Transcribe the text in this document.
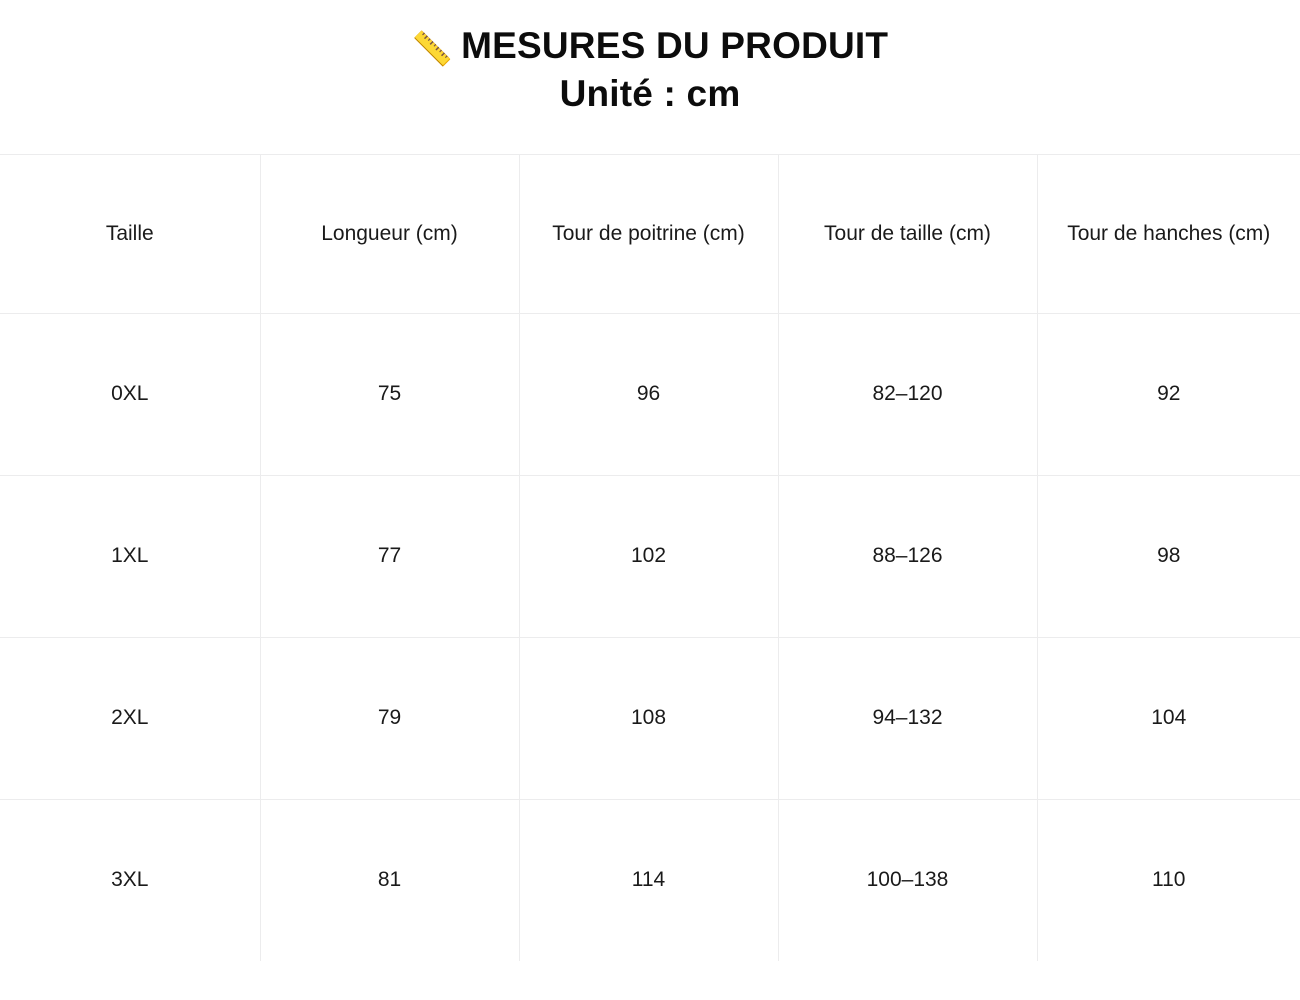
📏 MESURES DU PRODUIT
Unité : cm
Taille	Longueur (cm)	Tour de poitrine (cm)	Tour de taille (cm)	Tour de hanches (cm)
0XL	75	96	82–120	92
1XL	77	102	88–126	98
2XL	79	108	94–132	104
3XL	81	114	100–138	110
